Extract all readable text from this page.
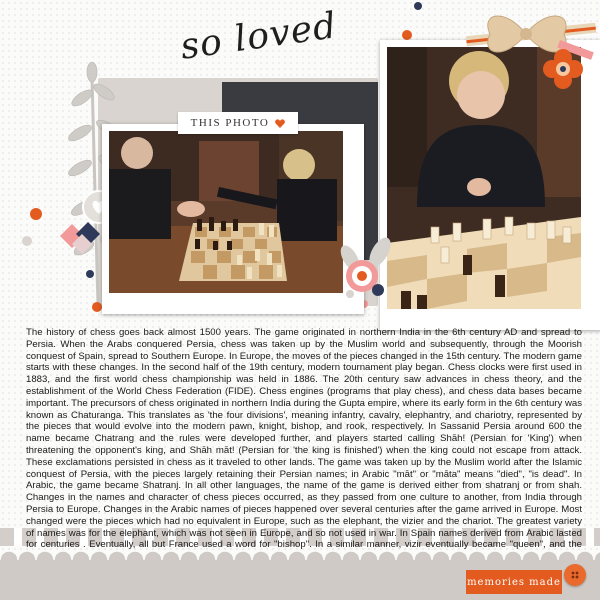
so loved
THIS PHOTO
The history of chess goes back almost 1500 years. The game originated in northern India in the 6th century AD and spread to Persia. When the Arabs conquered Persia, chess was taken up by the Muslim world and subsequently, through the Moorish conquest of Spain, spread to Southern Europe. In Europe, the moves of the pieces changed in the 15th century. The modern game starts with these changes. In the second half of the 19th century, modern tournament play began. Chess clocks were first used in 1883, and the first world chess championship was held in 1886. The 20th century saw advances in chess theory, and the establishment of the World Chess Federation (FIDE). Chess engines (programs that play chess), and chess data bases became important. The precursors of chess originated in northern India during the Gupta empire, where its early form in the 6th century was known as Chaturanga. This translates as 'the four divisions', meaning infantry, cavalry, elephantry, and chariotry, represented by the pieces that would evolve into the modern pawn, knight, bishop, and rook, respectively. In Sassanid Persia around 600 the name became Chatrang and the rules were developed further, and players started calling Shāh! (Persian for 'King') when threatening the opponent's king, and Shāh māt! (Persian for 'the king is finished') when the king could not escape from attack. These exclamations persisted in chess as it traveled to other lands. The game was taken up by the Muslim world after the Islamic conquest of Persia, with the pieces largely retaining their Persian names; in Arabic "māt" or "māta" means "died", "is dead". In Arabic, the game became Shatranj. In all other languages, the name of the game is derived either from shatranj or from shah. Changes in the names and character of chess pieces occurred, as they passed from one culture to another, from India through Persia to Europe. Changes in the Arabic names of pieces happened over several centuries after the game arrived in Europe. Most changed were the pieces which had no equivalent in Europe, such as the elephant, the vizier and the chariot. The greatest variety of names was for the elephant, which was not seen in Europe, and so not used in war. In Spain names derived from Arabic lasted for centuries . Eventually, all but France used a word for "bishop". In a similar manner, vizir eventually became "queen", and the
memories made
